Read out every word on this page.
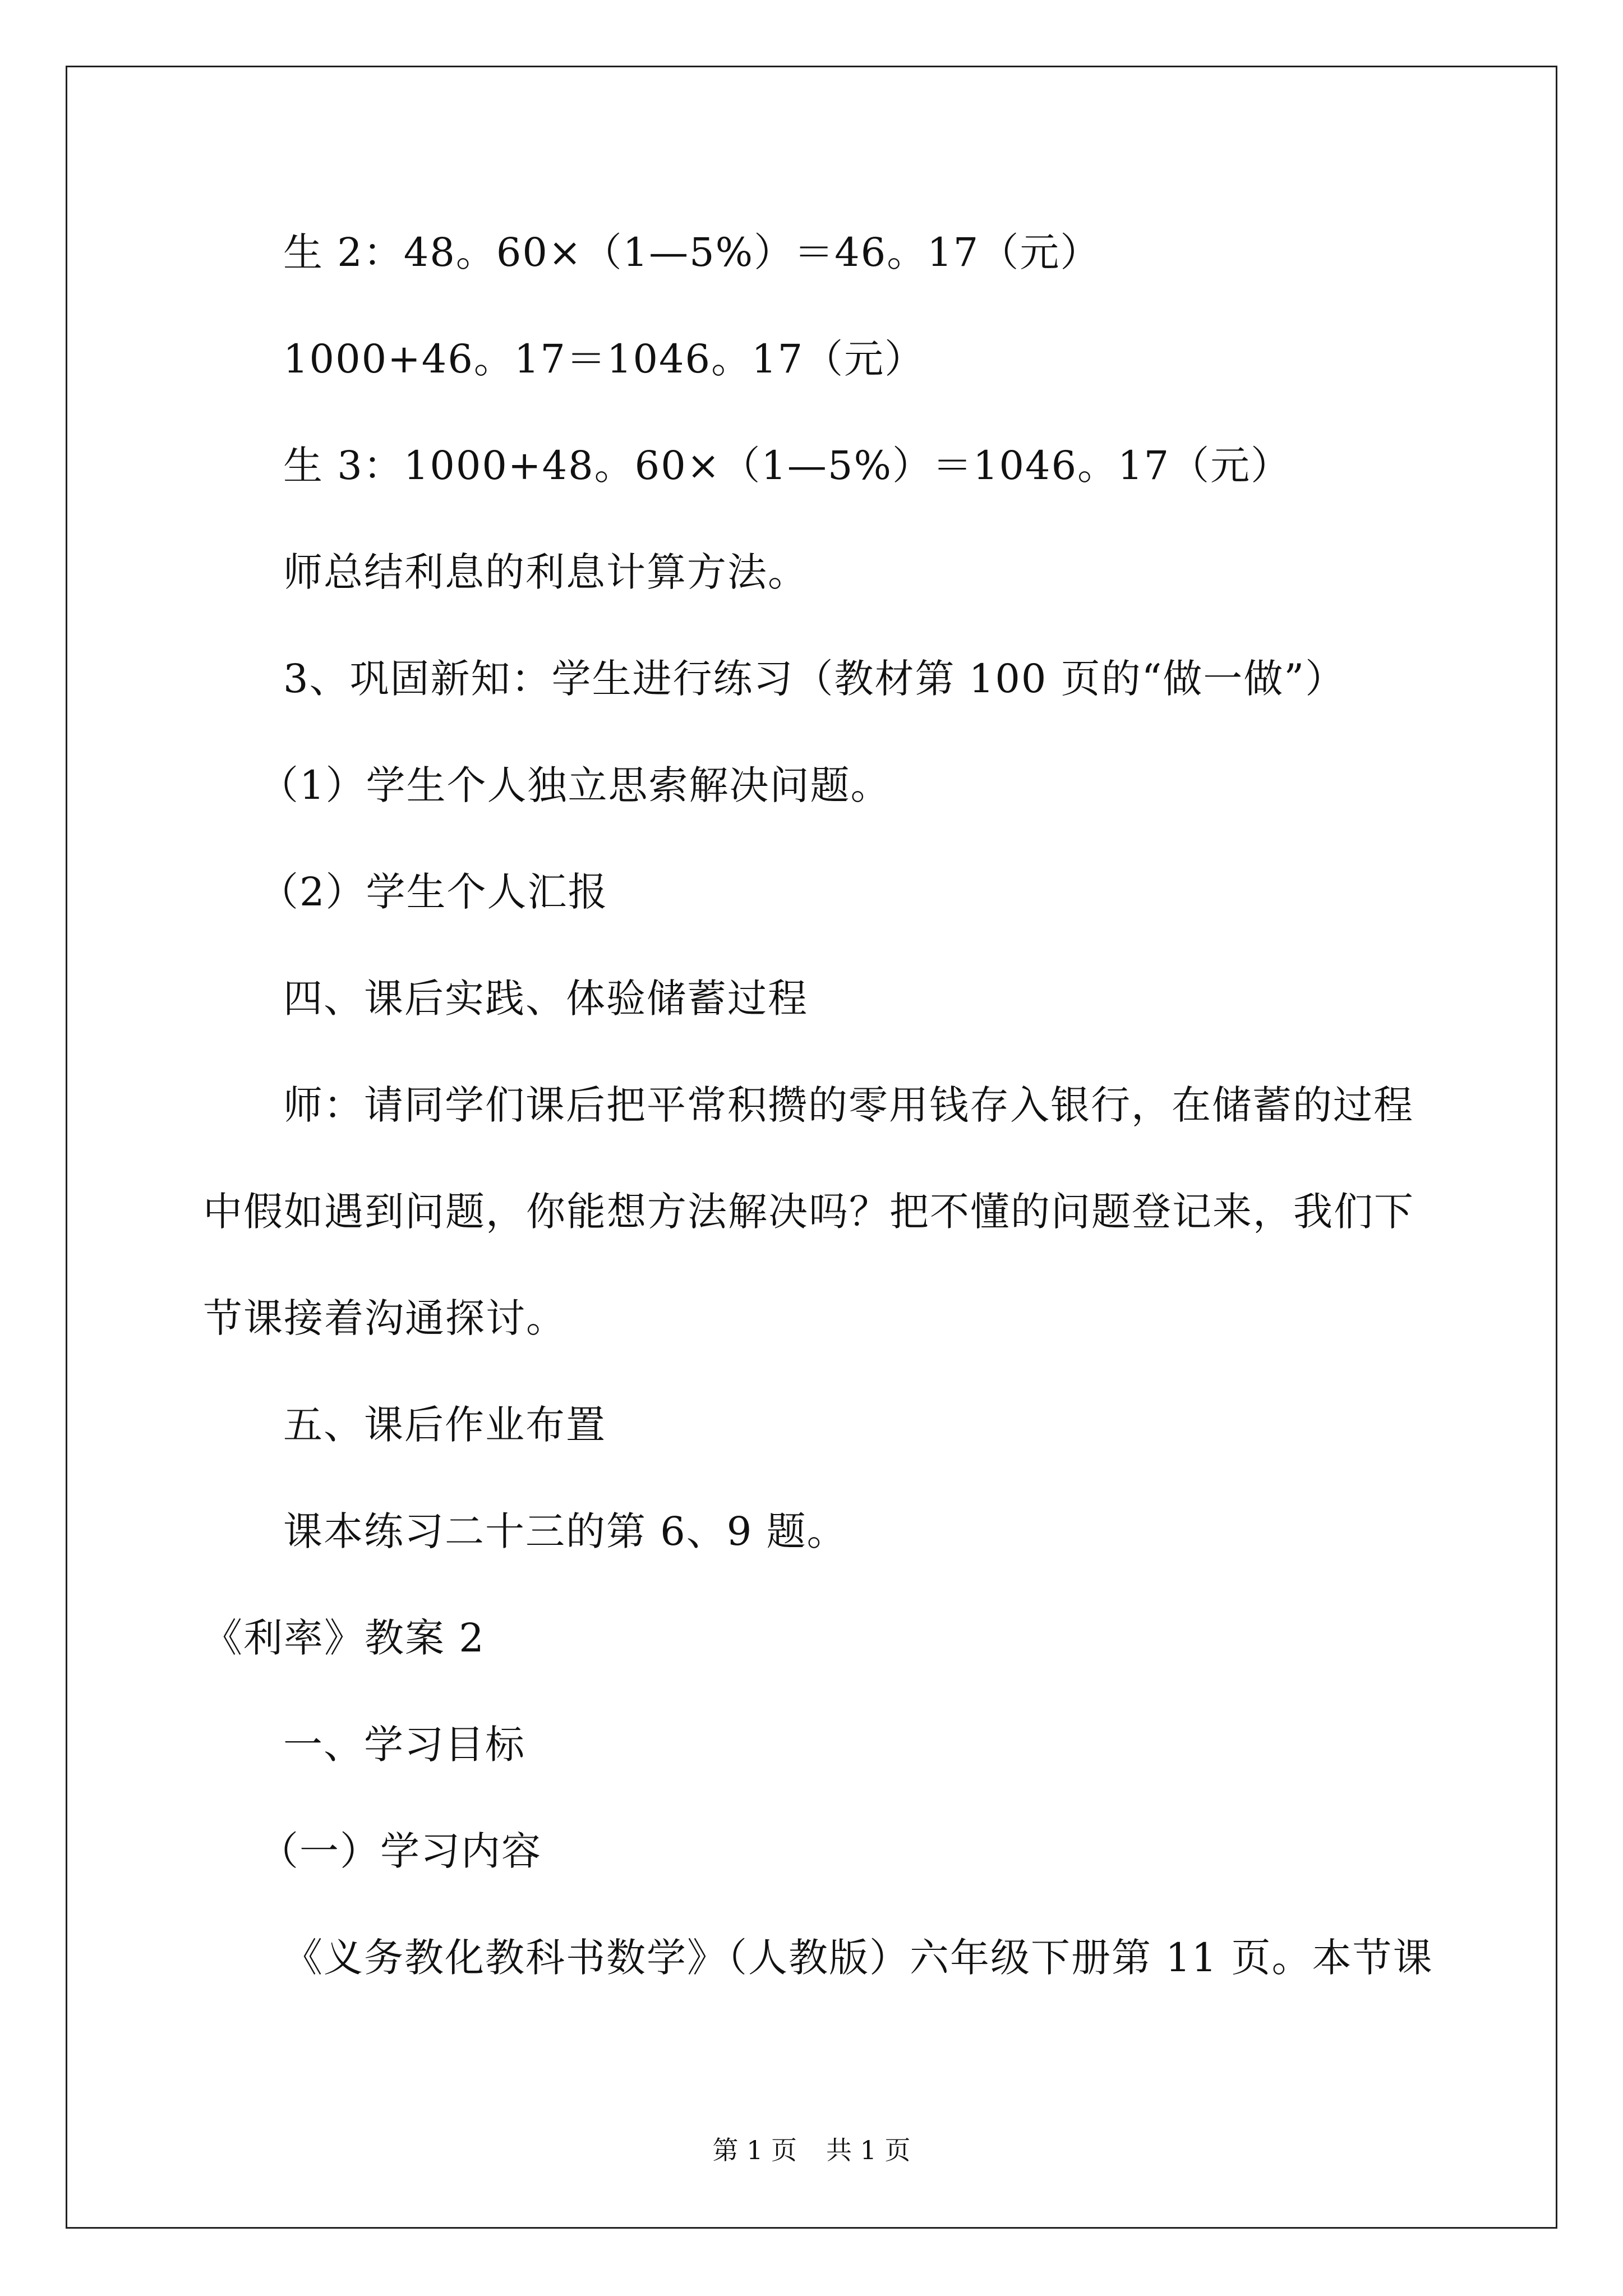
生 2：48。60×（1—5%）＝46。17（元）
1000+46。17＝1046。17（元）
生 3：1000+48。60×（1—5%）＝1046。17（元）
师总结利息的利息计算方法。
3、巩固新知：学生进行练习（教材第 100 页的“做一做”）
（1）学生个人独立思索解决问题。
（2）学生个人汇报
四、课后实践、体验储蓄过程
师：请同学们课后把平常积攒的零用钱存入银行，在储蓄的过程
中假如遇到问题，你能想方法解决吗？把不懂的问题登记来，我们下
节课接着沟通探讨。
五、课后作业布置
课本练习二十三的第 6、9 题。
《利率》教案 2
一、学习目标
（一）学习内容
《义务教化教科书数学》（人教版）六年级下册第 11 页。本节课
第 1 页 共 1 页
